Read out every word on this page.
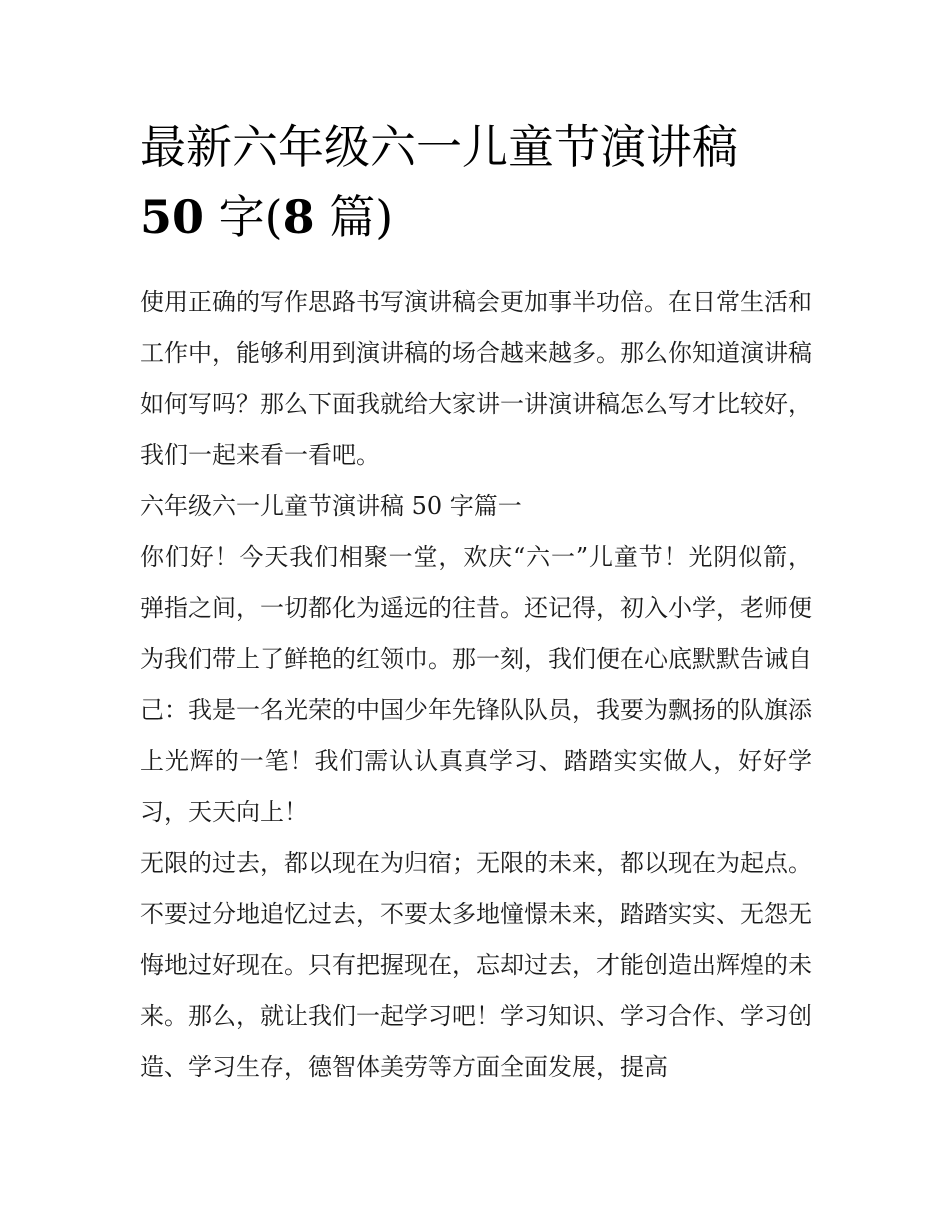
最新六年级六一儿童节演讲稿
50 字(8 篇)

使用正确的写作思路书写演讲稿会更加事半功倍。在日常生活和工作中，能够利用到演讲稿的场合越来越多。那么你知道演讲稿如何写吗？那么下面我就给大家讲一讲演讲稿怎么写才比较好，我们一起来看一看吧。

六年级六一儿童节演讲稿 50 字篇一

你们好！今天我们相聚一堂，欢庆“六一”儿童节！光阴似箭，弹指之间，一切都化为遥远的往昔。还记得，初入小学，老师便为我们带上了鲜艳的红领巾。那一刻，我们便在心底默默告诫自己：我是一名光荣的中国少年先锋队队员，我要为飘扬的队旗添上光辉的一笔！我们需认认真真学习、踏踏实实做人，好好学习，天天向上！

无限的过去，都以现在为归宿；无限的未来，都以现在为起点。不要过分地追忆过去，不要太多地憧憬未来，踏踏实实、无怨无悔地过好现在。只有把握现在，忘却过去，才能创造出辉煌的未来。那么，就让我们一起学习吧！学习知识、学习合作、学习创造、学习生存，德智体美劳等方面全面发展，提高
